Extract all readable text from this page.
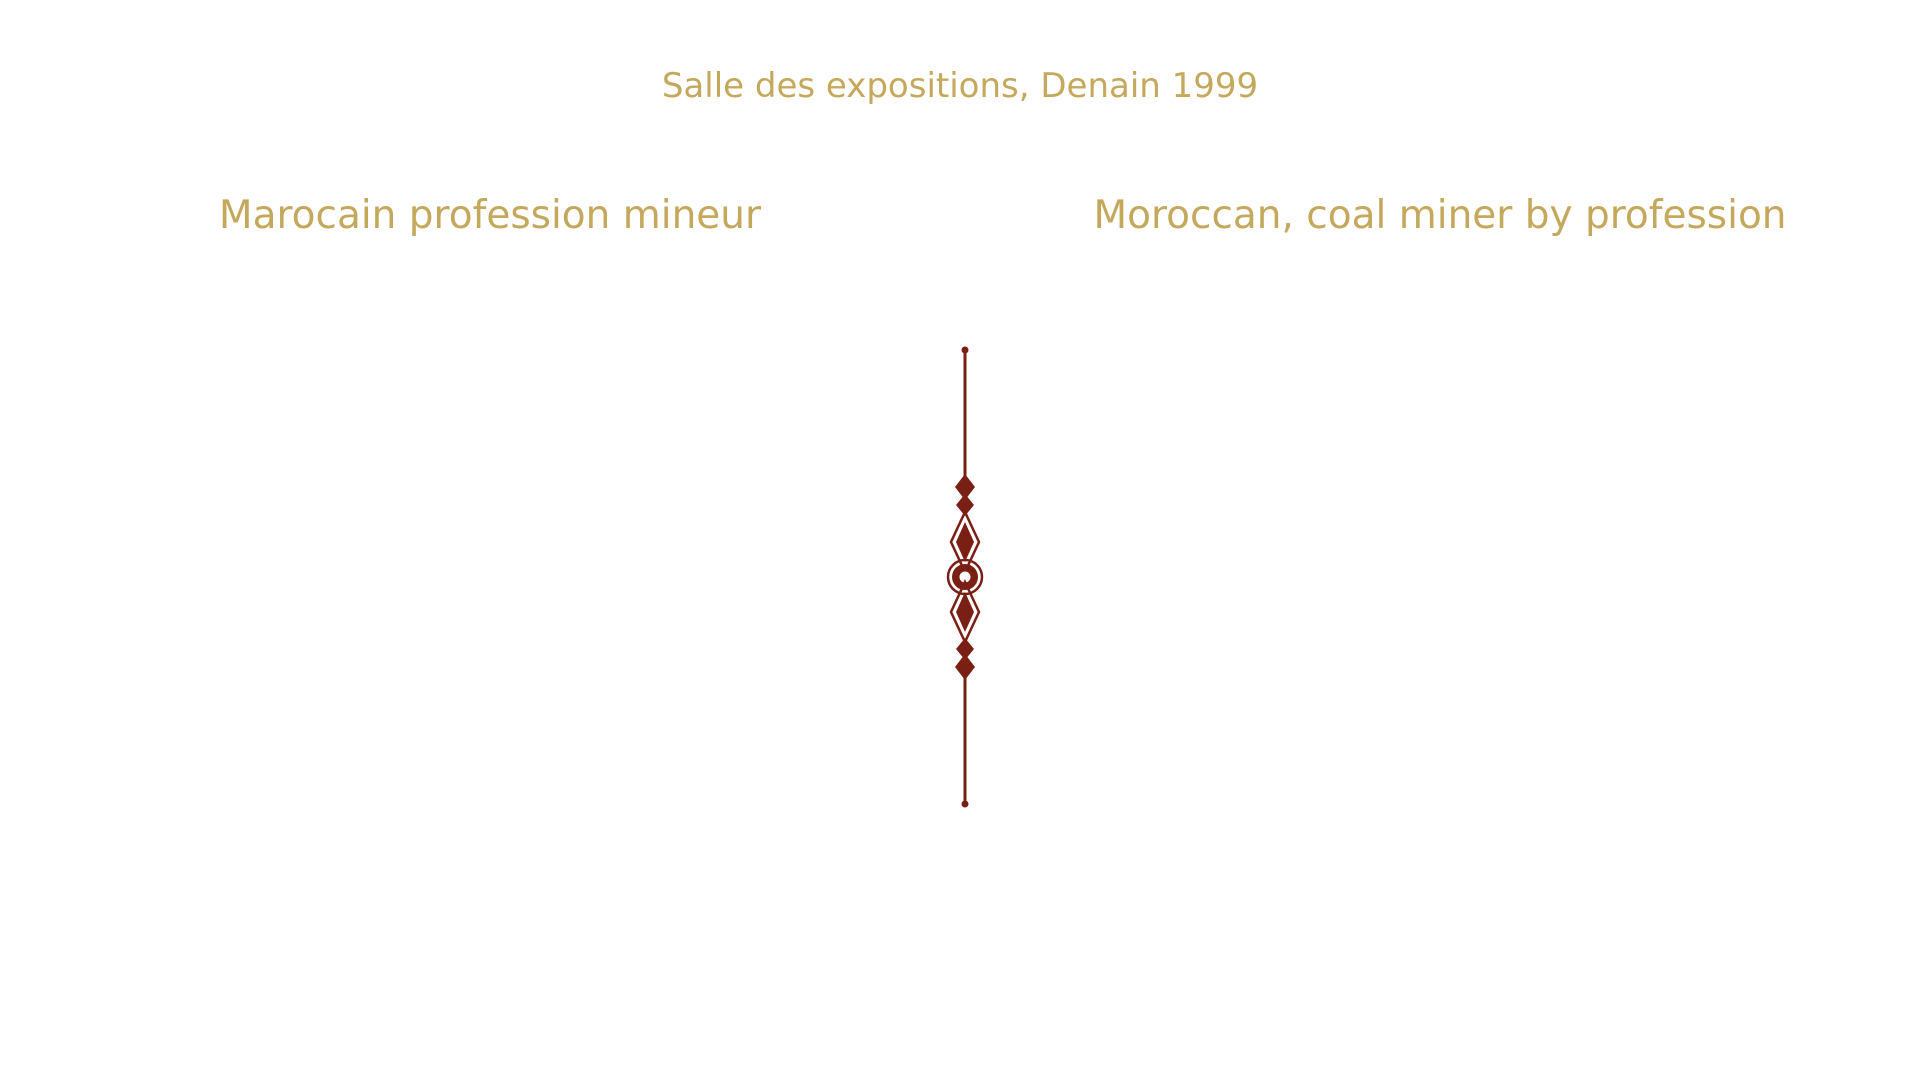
Salle des expositions, Denain 1999
Marocain profession mineur	Moroccan, coal miner by profession
